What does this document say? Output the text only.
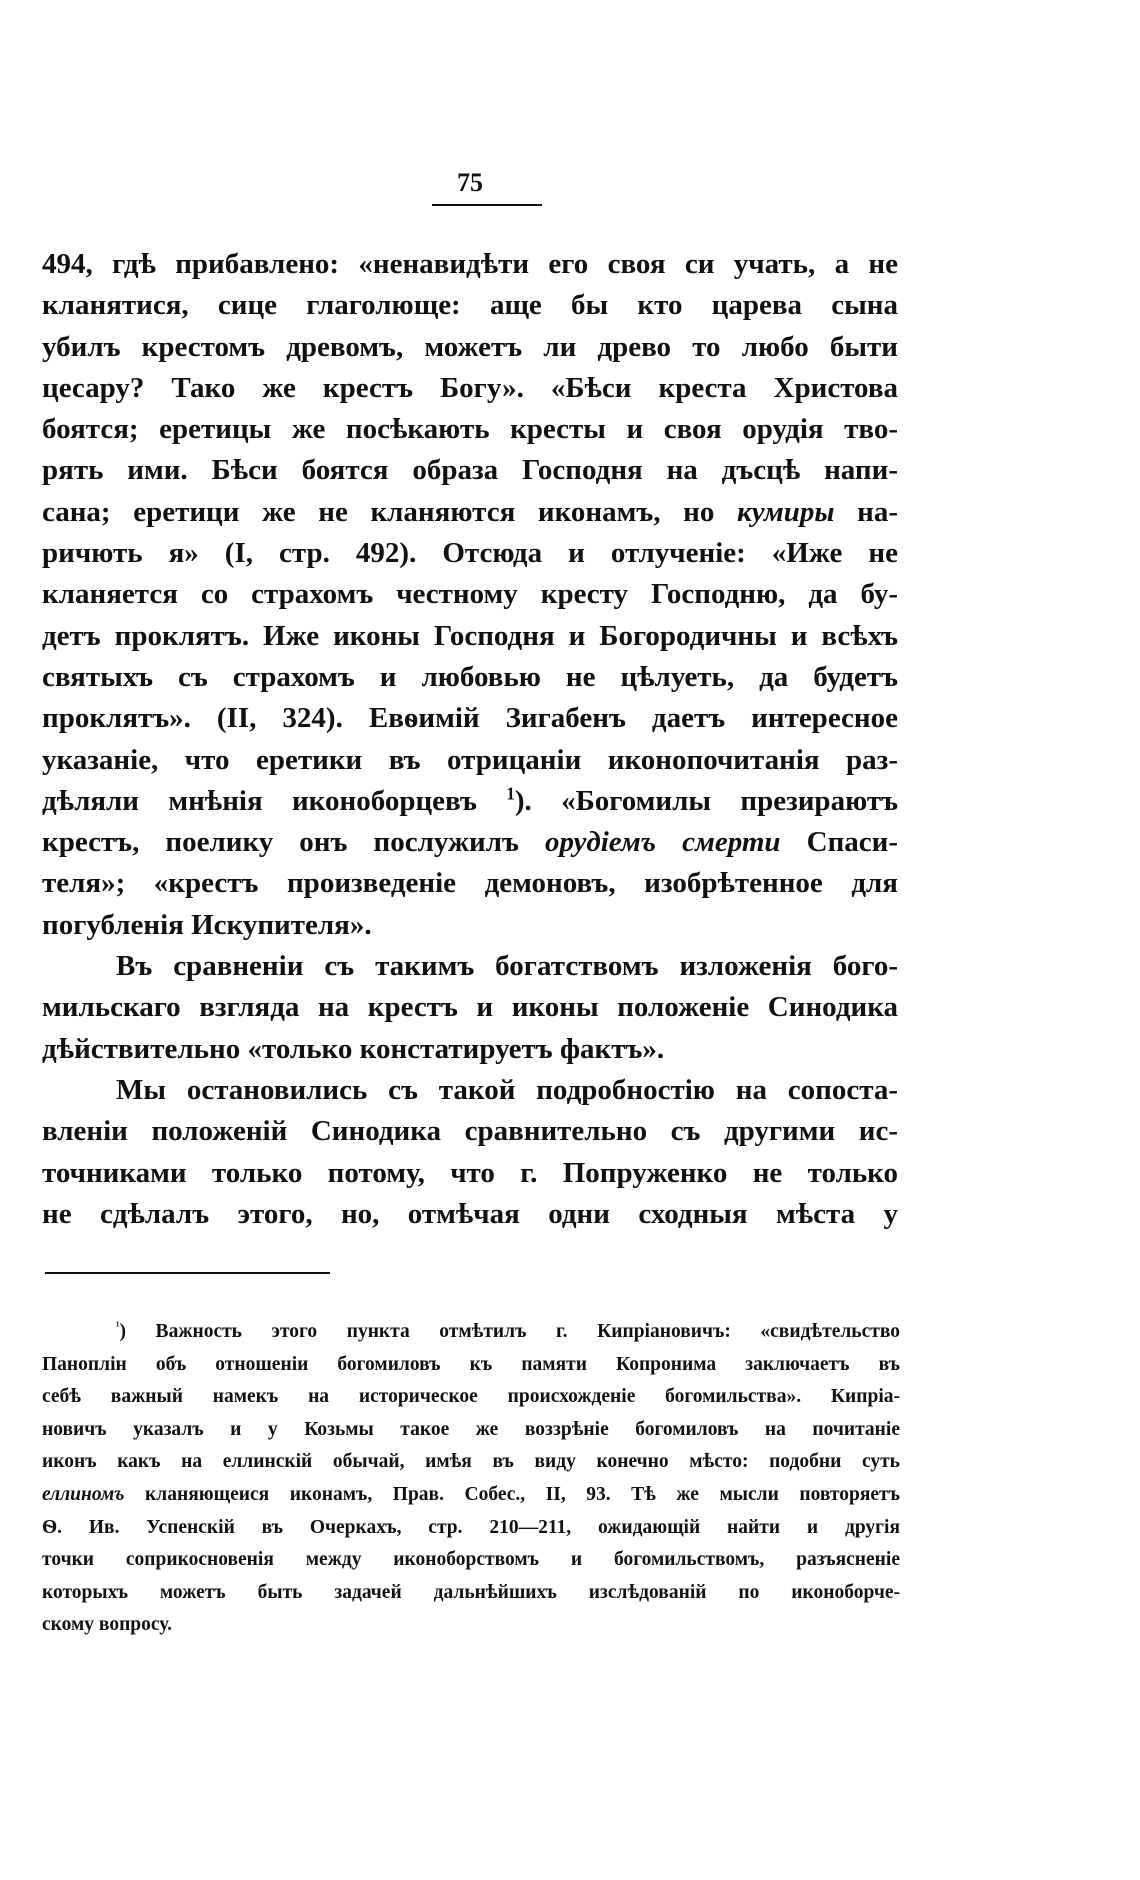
75

494, гдѣ прибавлено: «ненавидѣти его своя си учать, а не
кланятися, сице глаголюще: аще бы кто царева сына
убилъ крестомъ древомъ, можетъ ли древо то любо быти
цесару? Тако же крестъ Богу». «Бѣси креста Христова
боятся; еретицы же посѣкають кресты и своя орудія тво-
рять ими. Бѣси боятся образа Господня на дъсцѣ напи-
сана; еретици же не кланяются иконамъ, но кумиры на-
ричють я» (I, стр. 492). Отсюда и отлученіе: «Иже не
кланяется со страхомъ честному кресту Господню, да бу-
детъ проклятъ. Иже иконы Господня и Богородичны и всѣхъ
святыхъ съ страхомъ и любовью не цѣлуеть, да будетъ
проклятъ». (II, 324). Евѳимій Зигабенъ даетъ интересное
указаніе, что еретики въ отрицаніи иконопочитанія раз-
дѣляли мнѣнія иконоборцевъ $^1$). «Богомилы презираютъ
крестъ, поелику онъ послужилъ орудіемъ смерти Спаси-
теля»; «крестъ произведеніе демоновъ, изобрѣтенное для
погубленія Искупителя».

Въ сравненіи съ такимъ богатствомъ изложенія бого-
мильскаго взгляда на крестъ и иконы положеніе Синодика
дѣйствительно «только констатируетъ фактъ».

Мы остановились съ такой подробностію на сопоста-
вленіи положеній Синодика сравнительно съ другими ис-
точниками только потому, что г. Попруженко не только
не сдѣлалъ этого, но, отмѣчая одни сходныя мѣста у

$^{^1}$) Важность этого пункта отмѣтилъ г. Кипріановичъ: «свидѣтельство
Паноплін объ отношеніи богомиловъ къ памяти Копронима заключаетъ въ
себѣ важный намекъ на историческое происхожденіе богомильства». Кипріа-
новичъ указалъ и у Козьмы такое же воззрѣніе богомиловъ на почитаніе
иконъ какъ на еллинскій обычай, имѣя въ виду конечно мѣсто: подобни суть
еллиномъ кланяющеися иконамъ, Прав. Собес., II, 93. Тѣ же мысли повторяетъ
Ѳ. Ив. Успенскій въ Очеркахъ, стр. 210—211, ожидающій найти и другія
точки соприкосновенія между иконоборствомъ и богомильствомъ, разъясненіе
которыхъ можетъ быть задачей дальнѣйшихъ изслѣдованій по иконоборче-
скому вопросу.
